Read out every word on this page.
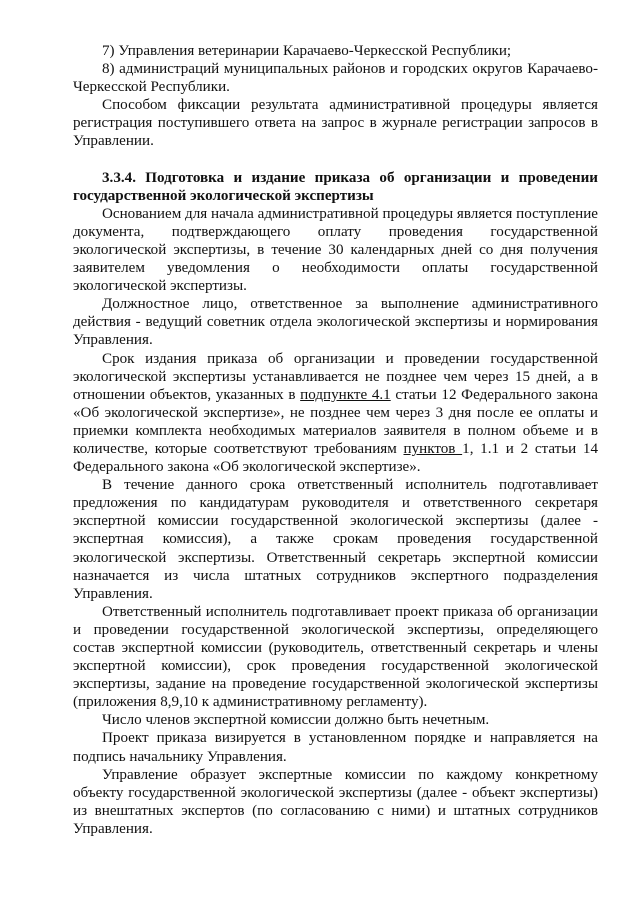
7) Управления ветеринарии Карачаево-Черкесской Республики;

8) администраций муниципальных районов и городских округов Карачаево-Черкесской Республики.

Способом фиксации результата административной процедуры является регистрация поступившего ответа на запрос в журнале регистрации запросов в Управлении.

3.3.4. Подготовка и издание приказа об организации и проведении государственной экологической экспертизы

Основанием для начала административной процедуры является поступление документа, подтверждающего оплату проведения государственной экологической экспертизы, в течение 30 календарных дней со дня получения заявителем уведомления о необходимости оплаты государственной экологической экспертизы.

Должностное лицо, ответственное за выполнение административного действия - ведущий советник отдела экологической экспертизы и нормирования Управления.

Срок издания приказа об организации и проведении государственной экологической экспертизы устанавливается не позднее чем через 15 дней, а в отношении объектов, указанных в подпункте 4.1 статьи 12 Федерального закона «Об экологической экспертизе», не позднее чем через 3 дня после ее оплаты и приемки комплекта необходимых материалов заявителя в полном объеме и в количестве, которые соответствуют требованиям пунктов 1, 1.1 и 2 статьи 14 Федерального закона «Об экологической экспертизе».

В течение данного срока ответственный исполнитель подготавливает предложения по кандидатурам руководителя и ответственного секретаря экспертной комиссии государственной экологической экспертизы (далее - экспертная комиссия), а также срокам проведения государственной экологической экспертизы. Ответственный секретарь экспертной комиссии назначается из числа штатных сотрудников экспертного подразделения Управления.

Ответственный исполнитель подготавливает проект приказа об организации и проведении государственной экологической экспертизы, определяющего состав экспертной комиссии (руководитель, ответственный секретарь и члены экспертной комиссии), срок проведения государственной экологической экспертизы, задание на проведение государственной экологической экспертизы (приложения 8,9,10 к административному регламенту).

Число членов экспертной комиссии должно быть нечетным.

Проект приказа визируется в установленном порядке и направляется на подпись начальнику Управления.

Управление образует экспертные комиссии по каждому конкретному объекту государственной экологической экспертизы (далее - объект экспертизы) из внештатных экспертов (по согласованию с ними) и штатных сотрудников Управления.
